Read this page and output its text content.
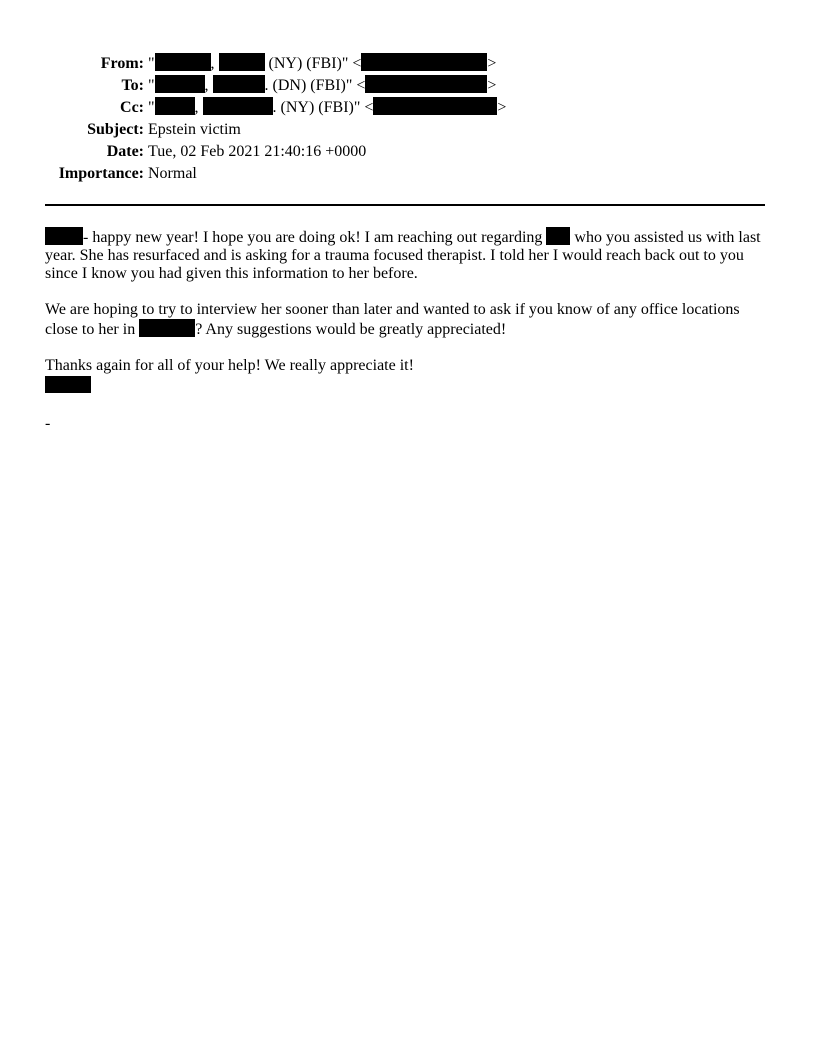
From: "	,	(NY) (FBI)" <	>
To: "	,	. (DN) (FBI)" <	>
Cc: "	,	. (NY) (FBI)" <	>
Subject: Epstein victim
Date: Tue, 02 Feb 2021 21:40:16 +0000
Importance: Normal

- happy new year! I hope you are doing ok! I am reaching out regarding  who you assisted us with last year. She has resurfaced and is asking for a trauma focused therapist. I told her I would reach back out to you since I know you had given this information to her before.

We are hoping to try to interview her sooner than later and wanted to ask if you know of any office locations close to her in	? Any suggestions would be greatly appreciated!

Thanks again for all of your help! We really appreciate it!

-
